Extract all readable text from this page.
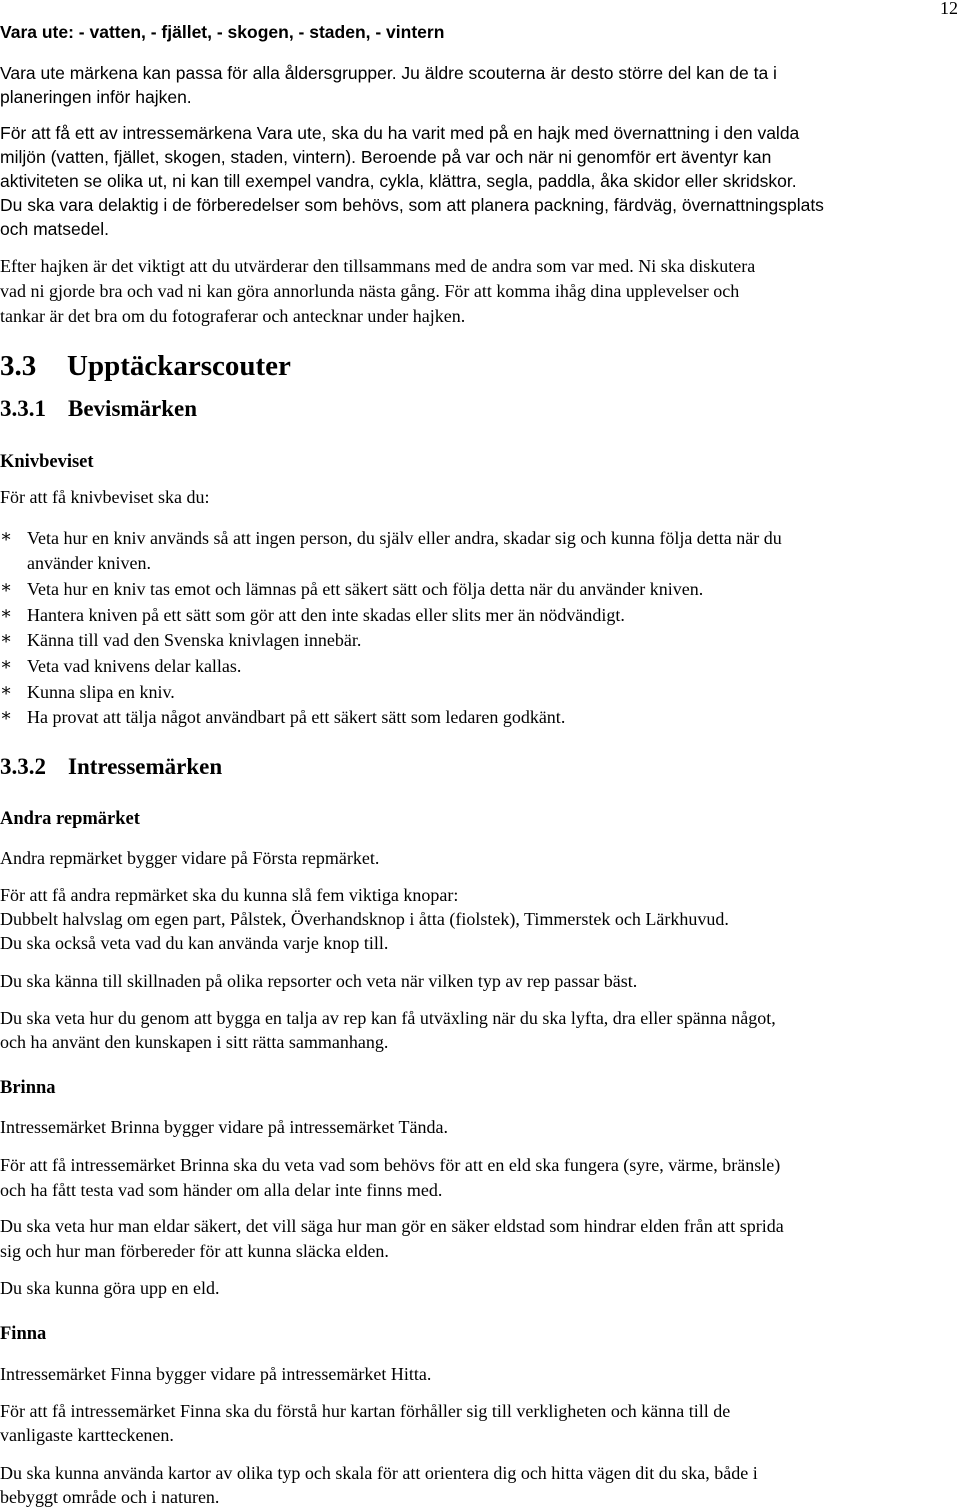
12
Vara ute: - vatten, - fjället, - skogen, - staden, - vintern
Vara ute märkena kan passa för alla åldersgrupper. Ju äldre scouterna är desto större del kan de ta i
planeringen inför hajken.
För att få ett av intressemärkena Vara ute, ska du ha varit med på en hajk med övernattning i den valda
miljön (vatten, fjället, skogen, staden, vintern). Beroende på var och när ni genomför ert äventyr kan
aktiviteten se olika ut, ni kan till exempel vandra, cykla, klättra, segla, paddla, åka skidor eller skridskor.
Du ska vara delaktig i de förberedelser som behövs, som att planera packning, färdväg, övernattningsplats
och matsedel.
Efter hajken är det viktigt att du utvärderar den tillsammans med de andra som var med. Ni ska diskutera
vad ni gjorde bra och vad ni kan göra annorlunda nästa gång. För att komma ihåg dina upplevelser och
tankar är det bra om du fotograferar och antecknar under hajken.
3.3 Upptäckarscouter
3.3.1 Bevismärken
Knivbeviset
För att få knivbeviset ska du:
∗ Veta hur en kniv används så att ingen person, du själv eller andra, skadar sig och kunna följa detta när du
använder kniven.
∗ Veta hur en kniv tas emot och lämnas på ett säkert sätt och följa detta när du använder kniven.
∗ Hantera kniven på ett sätt som gör att den inte skadas eller slits mer än nödvändigt.
∗ Känna till vad den Svenska knivlagen innebär.
∗ Veta vad knivens delar kallas.
∗ Kunna slipa en kniv.
∗ Ha provat att tälja något användbart på ett säkert sätt som ledaren godkänt.
3.3.2 Intressemärken
Andra repmärket
Andra repmärket bygger vidare på Första repmärket.
För att få andra repmärket ska du kunna slå fem viktiga knopar:
Dubbelt halvslag om egen part, Pålstek, Överhandsknop i åtta (fiolstek), Timmerstek och Lärkhuvud.
Du ska också veta vad du kan använda varje knop till.
Du ska känna till skillnaden på olika repsorter och veta när vilken typ av rep passar bäst.
Du ska veta hur du genom att bygga en talja av rep kan få utväxling när du ska lyfta, dra eller spänna något,
och ha använt den kunskapen i sitt rätta sammanhang.
Brinna
Intressemärket Brinna bygger vidare på intressemärket Tända.
För att få intressemärket Brinna ska du veta vad som behövs för att en eld ska fungera (syre, värme, bränsle)
och ha fått testa vad som händer om alla delar inte finns med.
Du ska veta hur man eldar säkert, det vill säga hur man gör en säker eldstad som hindrar elden från att sprida
sig och hur man förbereder för att kunna släcka elden.
Du ska kunna göra upp en eld.
Finna
Intressemärket Finna bygger vidare på intressemärket Hitta.
För att få intressemärket Finna ska du förstå hur kartan förhåller sig till verkligheten och känna till de
vanligaste kartteckenen.
Du ska kunna använda kartor av olika typ och skala för att orientera dig och hitta vägen dit du ska, både i
bebyggt område och i naturen.
